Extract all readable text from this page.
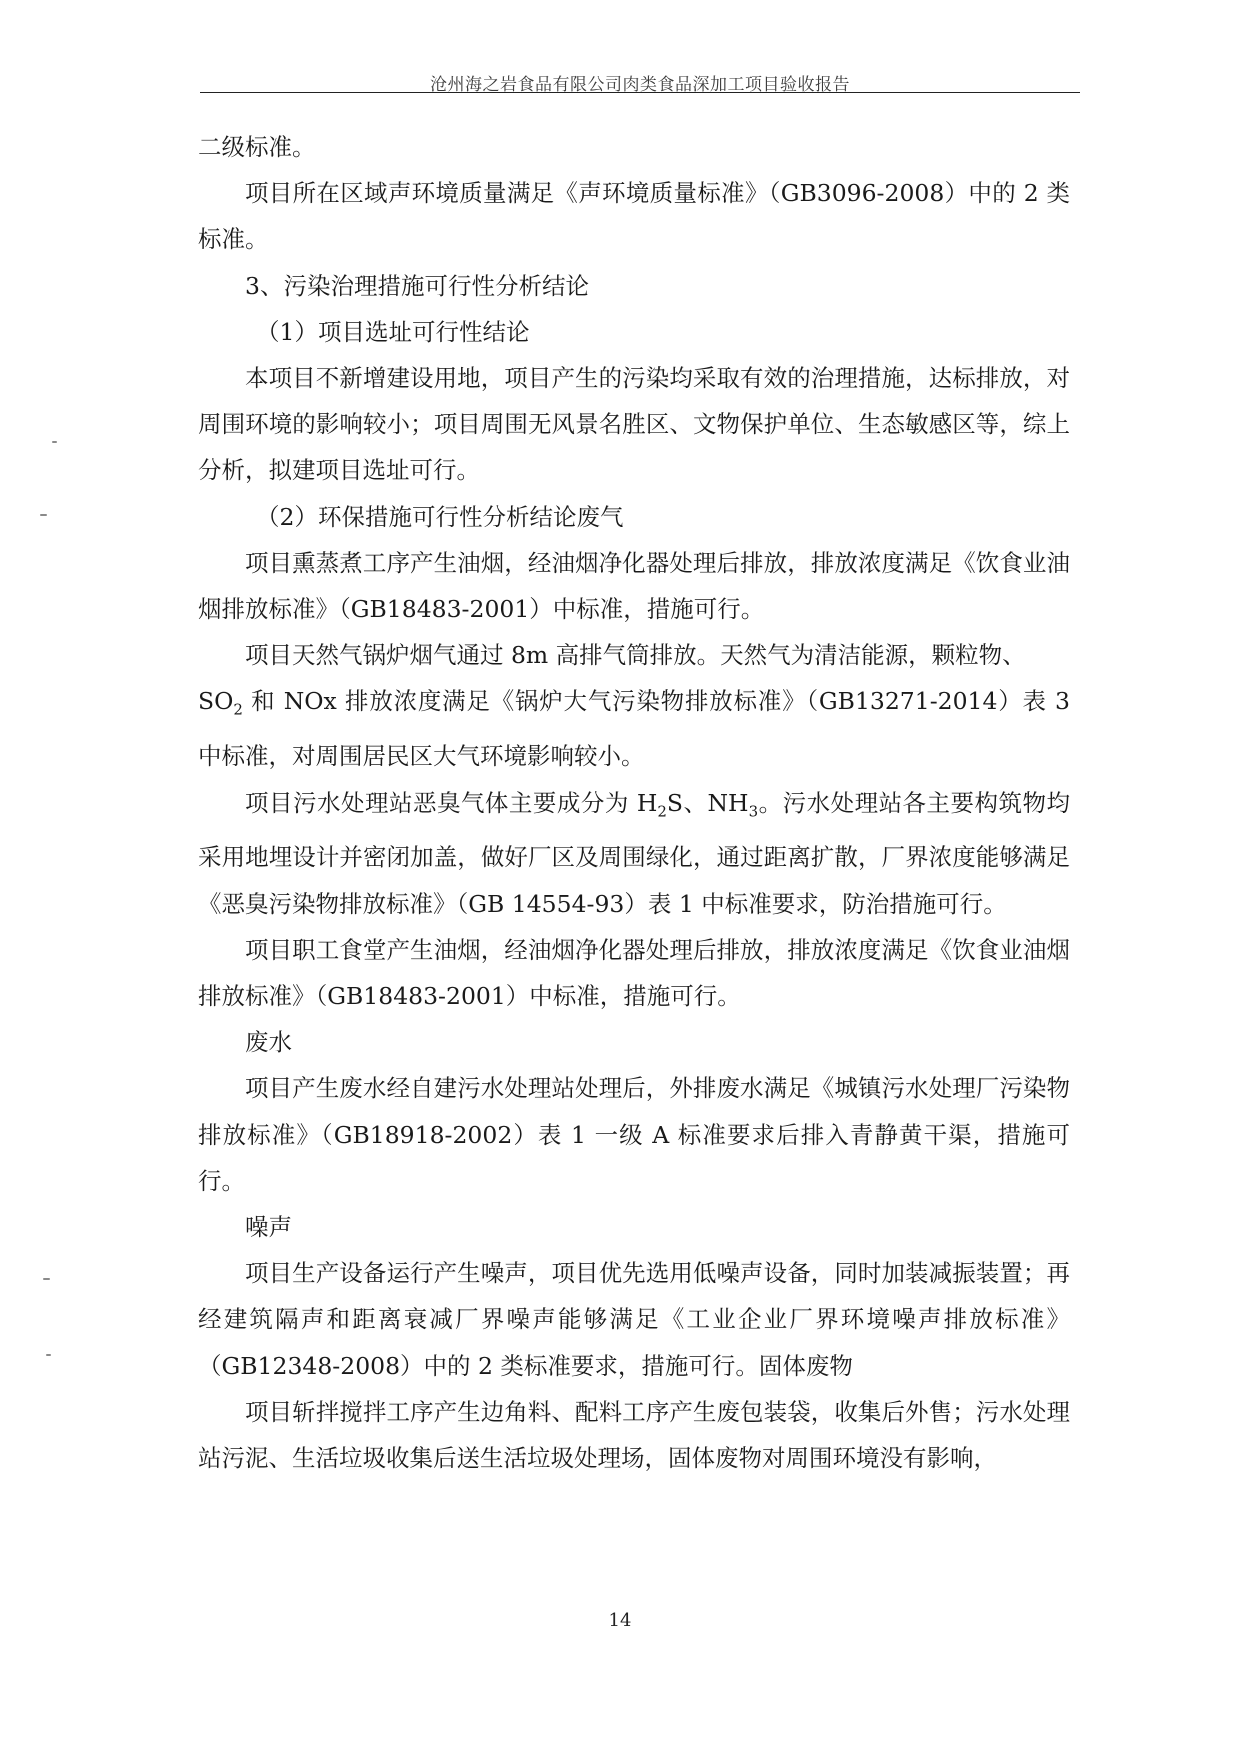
沧州海之岩食品有限公司肉类食品深加工项目验收报告

二级标准。

项目所在区域声环境质量满足《声环境质量标准》（GB3096-2008）中的 2 类标准。

3、污染治理措施可行性分析结论

（1）项目选址可行性结论

本项目不新增建设用地，项目产生的污染均采取有效的治理措施，达标排放，对周围环境的影响较小；项目周围无风景名胜区、文物保护单位、生态敏感区等，综上分析，拟建项目选址可行。

（2）环保措施可行性分析结论废气

项目熏蒸煮工序产生油烟，经油烟净化器处理后排放，排放浓度满足《饮食业油烟排放标准》（GB18483-2001）中标准，措施可行。

项目天然气锅炉烟气通过 8m 高排气筒排放。天然气为清洁能源，颗粒物、
$SO_2$ 和 NOx 排放浓度满足《锅炉大气污染物排放标准》（GB13271-2014）表 3 中标准，对周围居民区大气环境影响较小。

项目污水处理站恶臭气体主要成分为 $H_2S$、$NH_3$。污水处理站各主要构筑物均采用地埋设计并密闭加盖，做好厂区及周围绿化，通过距离扩散，厂界浓度能够满足《恶臭污染物排放标准》（GB 14554-93）表 1 中标准要求，防治措施可行。

项目职工食堂产生油烟，经油烟净化器处理后排放，排放浓度满足《饮食业油烟排放标准》（GB18483-2001）中标准，措施可行。

废水

项目产生废水经自建污水处理站处理后，外排废水满足《城镇污水处理厂污染物排放标准》（GB18918-2002）表 1 一级 A 标准要求后排入青静黄干渠，措施可行。

噪声

项目生产设备运行产生噪声，项目优先选用低噪声设备，同时加装减振装置；再经建筑隔声和距离衰减厂界噪声能够满足《工业企业厂界环境噪声排放标准》（GB12348-2008）中的 2 类标准要求，措施可行。固体废物

项目斩拌搅拌工序产生边角料、配料工序产生废包装袋，收集后外售；污水处理站污泥、生活垃圾收集后送生活垃圾处理场，固体废物对周围环境没有影响，

14
